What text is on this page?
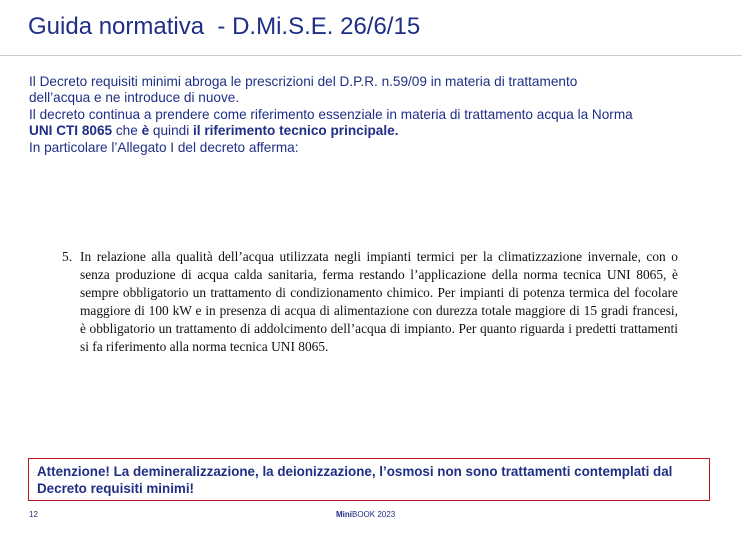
Guida normativa  - D.Mi.S.E. 26/6/15

Il Decreto requisiti minimi abroga le prescrizioni del D.P.R. n.59/09 in materia di trattamento

dell’acqua e ne introduce di nuove.

Il decreto continua a prendere come riferimento essenziale in materia di trattamento acqua la Norma

UNI CTI 8065 che è quindi il riferimento tecnico principale.

In particolare l’Allegato I del decreto afferma:

5. In relazione alla qualità dell’acqua utilizzata negli impianti termici per la climatizzazione invernale, con o senza produzione di acqua calda sanitaria, ferma restando l’applicazione della norma tecnica UNI 8065, è sempre obbligatorio un trattamento di condizionamento chimico. Per impianti di potenza termica del focolare maggiore di 100 kW e in presenza di acqua di alimentazione con durezza totale maggiore di 15 gradi francesi, è obbligatorio un trattamento di addolcimento dell’acqua di impianto. Per quanto riguarda i predetti trattamenti si fa riferimento alla norma tecnica UNI 8065.
Attenzione! La demineralizzazione, la deionizzazione, l’osmosi non sono trattamenti contemplati dal Decreto requisiti minimi!
12	MiniBOOK 2023
